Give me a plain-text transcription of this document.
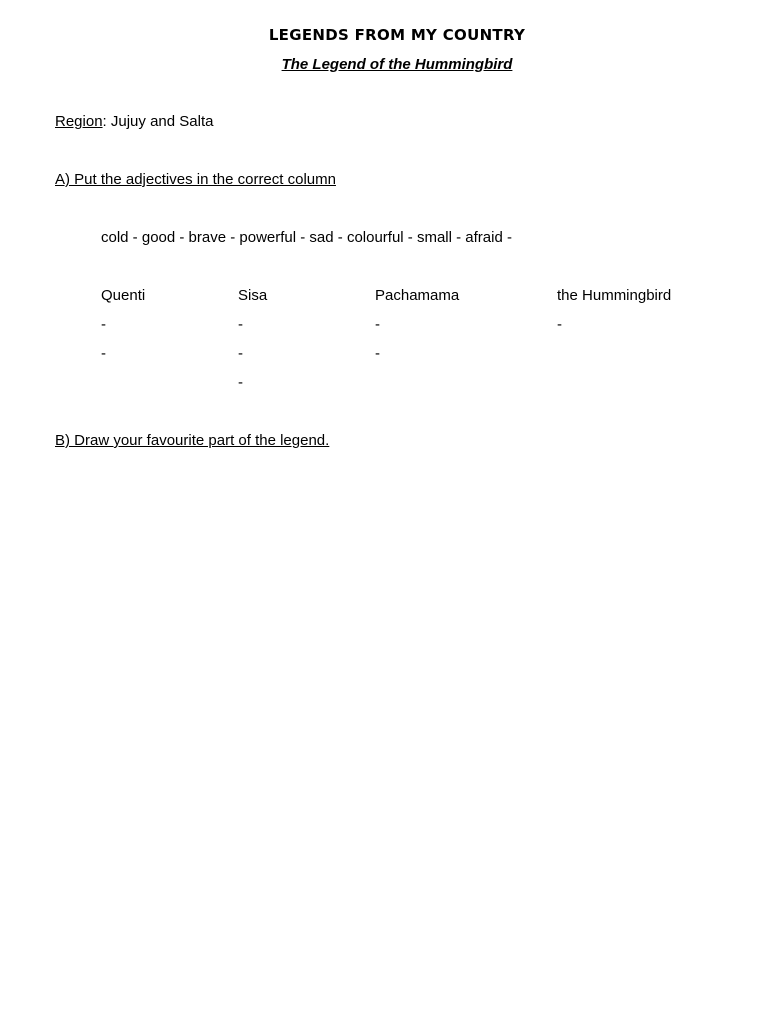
LEGENDS FROM MY COUNTRY

The Legend of the Hummingbird

Region: Jujuy and Salta

A) Put the adjectives in the correct column

cold - good - brave - powerful - sad - colourful - small - afraid -

Quenti

-

-

Sisa

-

-

-

Pachamama

-

-

the Hummingbird

-

B) Draw your favourite part of the legend.
